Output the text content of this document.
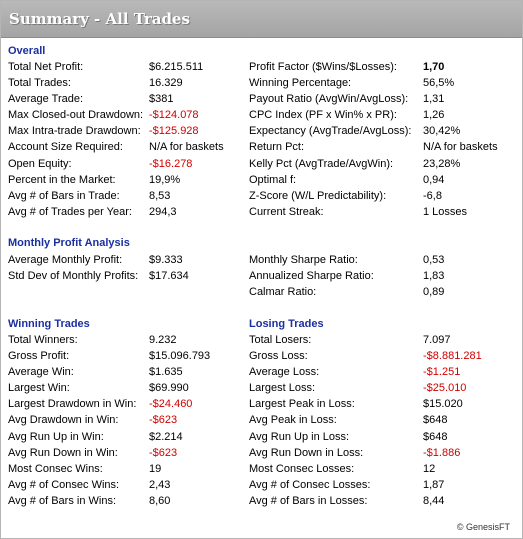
Summary - All Trades
Overall
Total Net Profit:	$6.215.511
Total Trades:	16.329
Average Trade:	$381
Max Closed-out Drawdown: -$124.078
Max Intra-trade Drawdown: -$125.928
Account Size Required: N/A for baskets
Open Equity:	-$16.278
Percent in the Market:	19,9%
Avg # of Bars in Trade:	8,53
Avg # of Trades per Year: 294,3
Profit Factor ($Wins/$Losses): 1,70
Winning Percentage:	56,5%
Payout Ratio (AvgWin/AvgLoss): 1,31
CPC Index (PF x Win% x PR): 1,26
Expectancy (AvgTrade/AvgLoss): 30,42%
Return Pct:	N/A for baskets
Kelly Pct (AvgTrade/AvgWin):	23,28%
Optimal f:	0,94
Z-Score (W/L Predictability):	-6,8
Current Streak:	1 Losses
Monthly Profit Analysis
Average Monthly Profit: $9.333
Std Dev of Monthly Profits: $17.634
Monthly Sharpe Ratio:	0,53
Annualized Sharpe Ratio:	1,83
Calmar Ratio:	0,89
Winning Trades	Losing Trades
Total Winners:	9.232
Gross Profit:	$15.096.793
Average Win:	$1.635
Largest Win:	$69.990
Largest Drawdown in Win: -$24.460
Avg Drawdown in Win:	-$623
Avg Run Up in Win:	$2.214
Avg Run Down in Win:	-$623
Most Consec Wins:	19
Avg # of Consec Wins:	2,43
Avg # of Bars in Wins:	8,60
Total Losers:	7.097
Gross Loss:	-$8.881.281
Average Loss:	-$1.251
Largest Loss:	-$25.010
Largest Peak in Loss:	$15.020
Avg Peak in Loss:	$648
Avg Run Up in Loss:	$648
Avg Run Down in Loss:	-$1.886
Most Consec Losses:	12
Avg # of Consec Losses:	1,87
Avg # of Bars in Losses:	8,44
© GenesisFT
